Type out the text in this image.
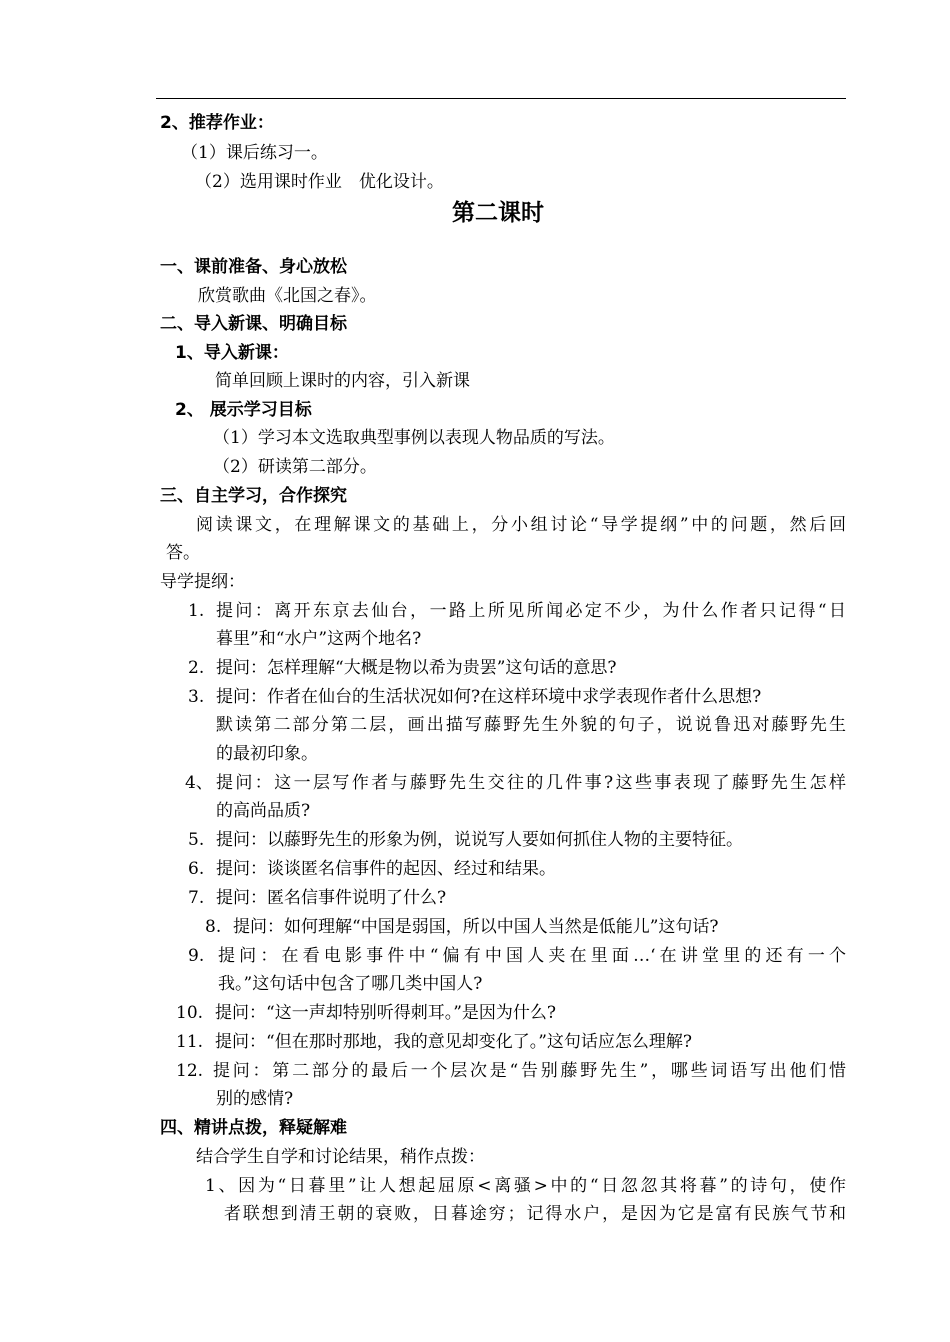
2、推荐作业：
（1）课后练习一。
（2）选用课时作业　优化设计。
第二课时
一、课前准备、身心放松
欣赏歌曲《北国之春》。
二、导入新课、明确目标
1、导入新课：
简单回顾上课时的内容，引入新课
2、 展示学习目标
（1）学习本文选取典型事例以表现人物品质的写法。
（2）研读第二部分。
三、自主学习，合作探究
阅读课文，在理解课文的基础上，分小组讨论“导学提纲”中的问题，然后回
答。
导学提纲：
1. 提问：离开东京去仙台，一路上所见所闻必定不少，为什么作者只记得“日
暮里”和“水户”这两个地名?
2. 提问：怎样理解“大概是物以希为贵罢”这句话的意思?
3. 提问：作者在仙台的生活状况如何?在这样环境中求学表现作者什么思想?
默读第二部分第二层，画出描写藤野先生外貌的句子，说说鲁迅对藤野先生
的最初印象。
4、 提问：这一层写作者与藤野先生交往的几件事?这些事表现了藤野先生怎样
的高尚品质?
5. 提问：以藤野先生的形象为例，说说写人要如何抓住人物的主要特征。
6. 提问：谈谈匿名信事件的起因、经过和结果。
7. 提问：匿名信事件说明了什么?
8. 提问：如何理解“中国是弱国，所以中国人当然是低能儿”这句话?
9. 提问：在看电影事件中“偏有中国人夹在里面…‘在讲堂里的还有一个
我。”这句话中包含了哪几类中国人?
10. 提问：“这一声却特别听得刺耳。”是因为什么?
11. 提问：“但在那时那地，我的意见却变化了。”这句话应怎么理解?
12. 提问：第二部分的最后一个层次是“告别藤野先生”，哪些词语写出他们惜
别的感情?
四、精讲点拨，释疑解难
结合学生自学和讨论结果，稍作点拨：
1、因为“日暮里”让人想起屈原<离骚>中的“日忽忽其将暮”的诗句，使作
者联想到清王朝的衰败，日暮途穷；记得水户，是因为它是富有民族气节和
